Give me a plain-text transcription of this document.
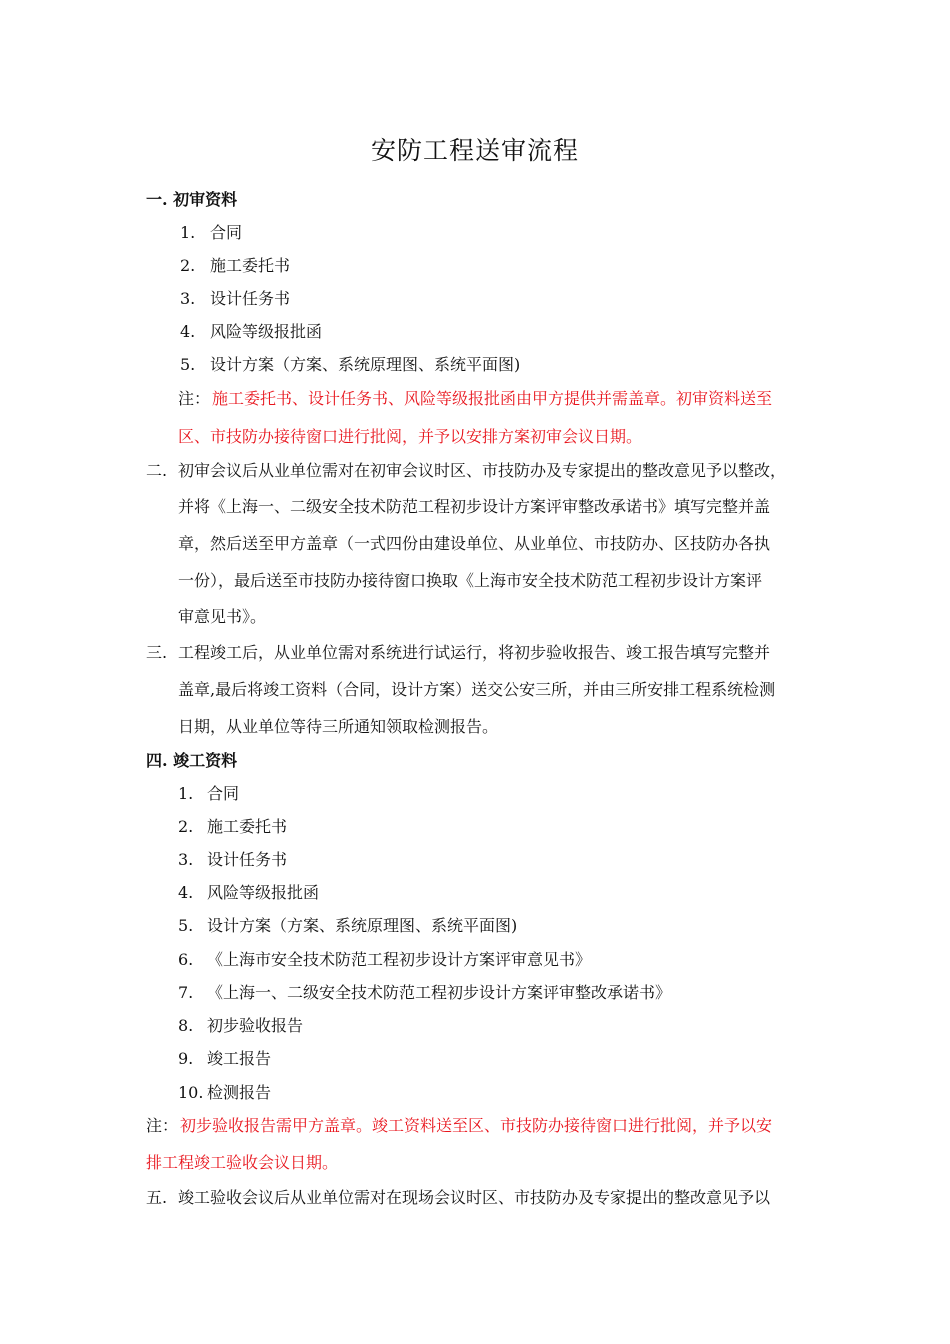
安防工程送审流程
一. 初审资料
1. 合同
2. 施工委托书
3. 设计任务书
4. 风险等级报批函
5. 设计方案（方案、系统原理图、系统平面图)
注： 施工委托书、设计任务书、风险等级报批函由甲方提供并需盖章。初审资料送至
区、市技防办接待窗口进行批阅，并予以安排方案初审会议日期。
二. 初审会议后从业单位需对在初审会议时区、市技防办及专家提出的整改意见予以整改，
并将《上海一、二级安全技术防范工程初步设计方案评审整改承诺书》填写完整并盖
章，然后送至甲方盖章（一式四份由建设单位、从业单位、市技防办、区技防办各执
一份），最后送至市技防办接待窗口换取《上海市安全技术防范工程初步设计方案评
审意见书》。
三. 工程竣工后，从业单位需对系统进行试运行，将初步验收报告、竣工报告填写完整并
盖章,最后将竣工资料（合同，设计方案）送交公安三所，并由三所安排工程系统检测
日期，从业单位等待三所通知领取检测报告。
四. 竣工资料
1. 合同
2. 施工委托书
3. 设计任务书
4. 风险等级报批函
5. 设计方案（方案、系统原理图、系统平面图)
6. 《上海市安全技术防范工程初步设计方案评审意见书》
7. 《上海一、二级安全技术防范工程初步设计方案评审整改承诺书》
8. 初步验收报告
9. 竣工报告
10. 检测报告
注： 初步验收报告需甲方盖章。竣工资料送至区、市技防办接待窗口进行批阅，并予以安
排工程竣工验收会议日期。
五. 竣工验收会议后从业单位需对在现场会议时区、市技防办及专家提出的整改意见予以
